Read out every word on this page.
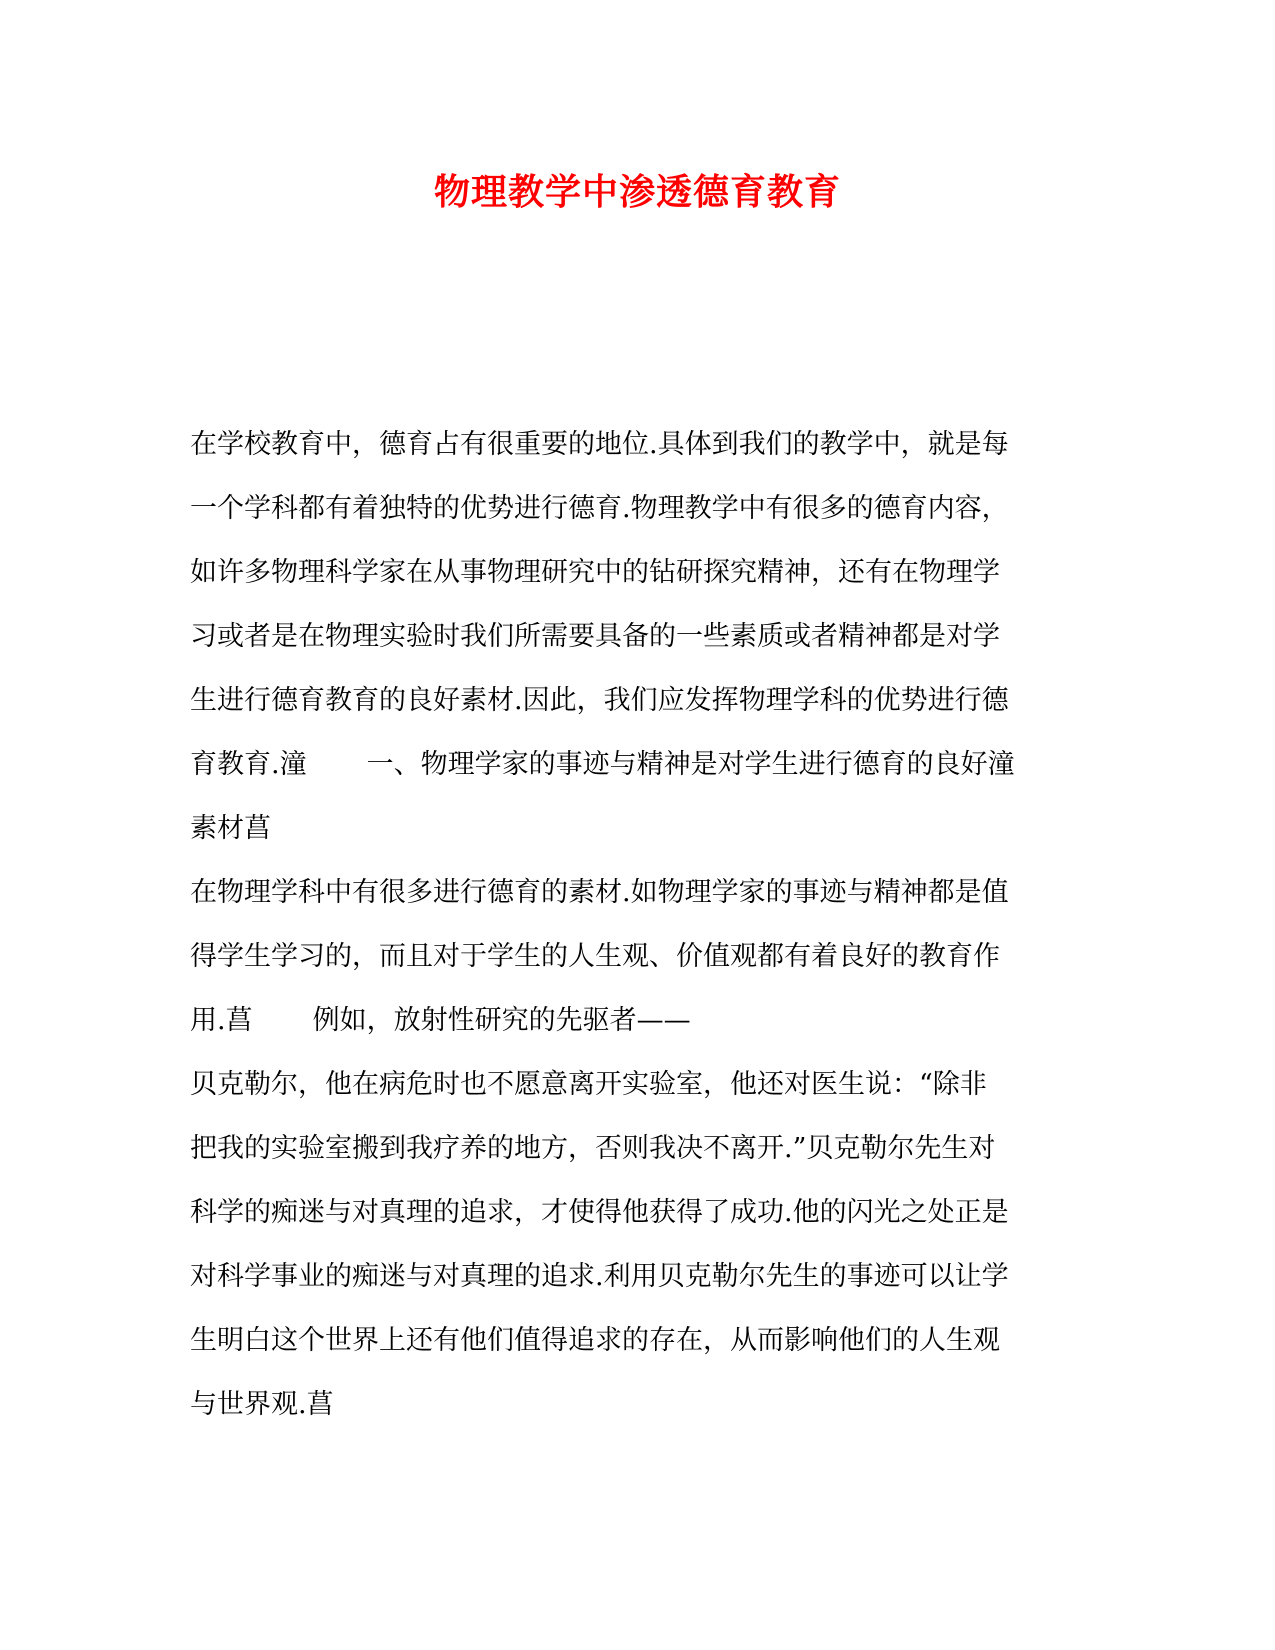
物理教学中渗透德育教育
在学校教育中，德育占有很重要的地位.具体到我们的教学中，就是每
一个学科都有着独特的优势进行德育.物理教学中有很多的德育内容，
如许多物理科学家在从事物理研究中的钻研探究精神，还有在物理学
习或者是在物理实验时我们所需要具备的一些素质或者精神都是对学
生进行德育教育的良好素材.因此，我们应发挥物理学科的优势进行德
育教育.潼 一、物理学家的事迹与精神是对学生进行德育的良好潼
素材菖
在物理学科中有很多进行德育的素材.如物理学家的事迹与精神都是值
得学生学习的，而且对于学生的人生观、价值观都有着良好的教育作
用.菖 例如，放射性研究的先驱者——
贝克勒尔，他在病危时也不愿意离开实验室，他还对医生说：“除非
把我的实验室搬到我疗养的地方，否则我决不离开.”贝克勒尔先生对
科学的痴迷与对真理的追求，才使得他获得了成功.他的闪光之处正是
对科学事业的痴迷与对真理的追求.利用贝克勒尔先生的事迹可以让学
生明白这个世界上还有他们值得追求的存在，从而影响他们的人生观
与世界观.菖
